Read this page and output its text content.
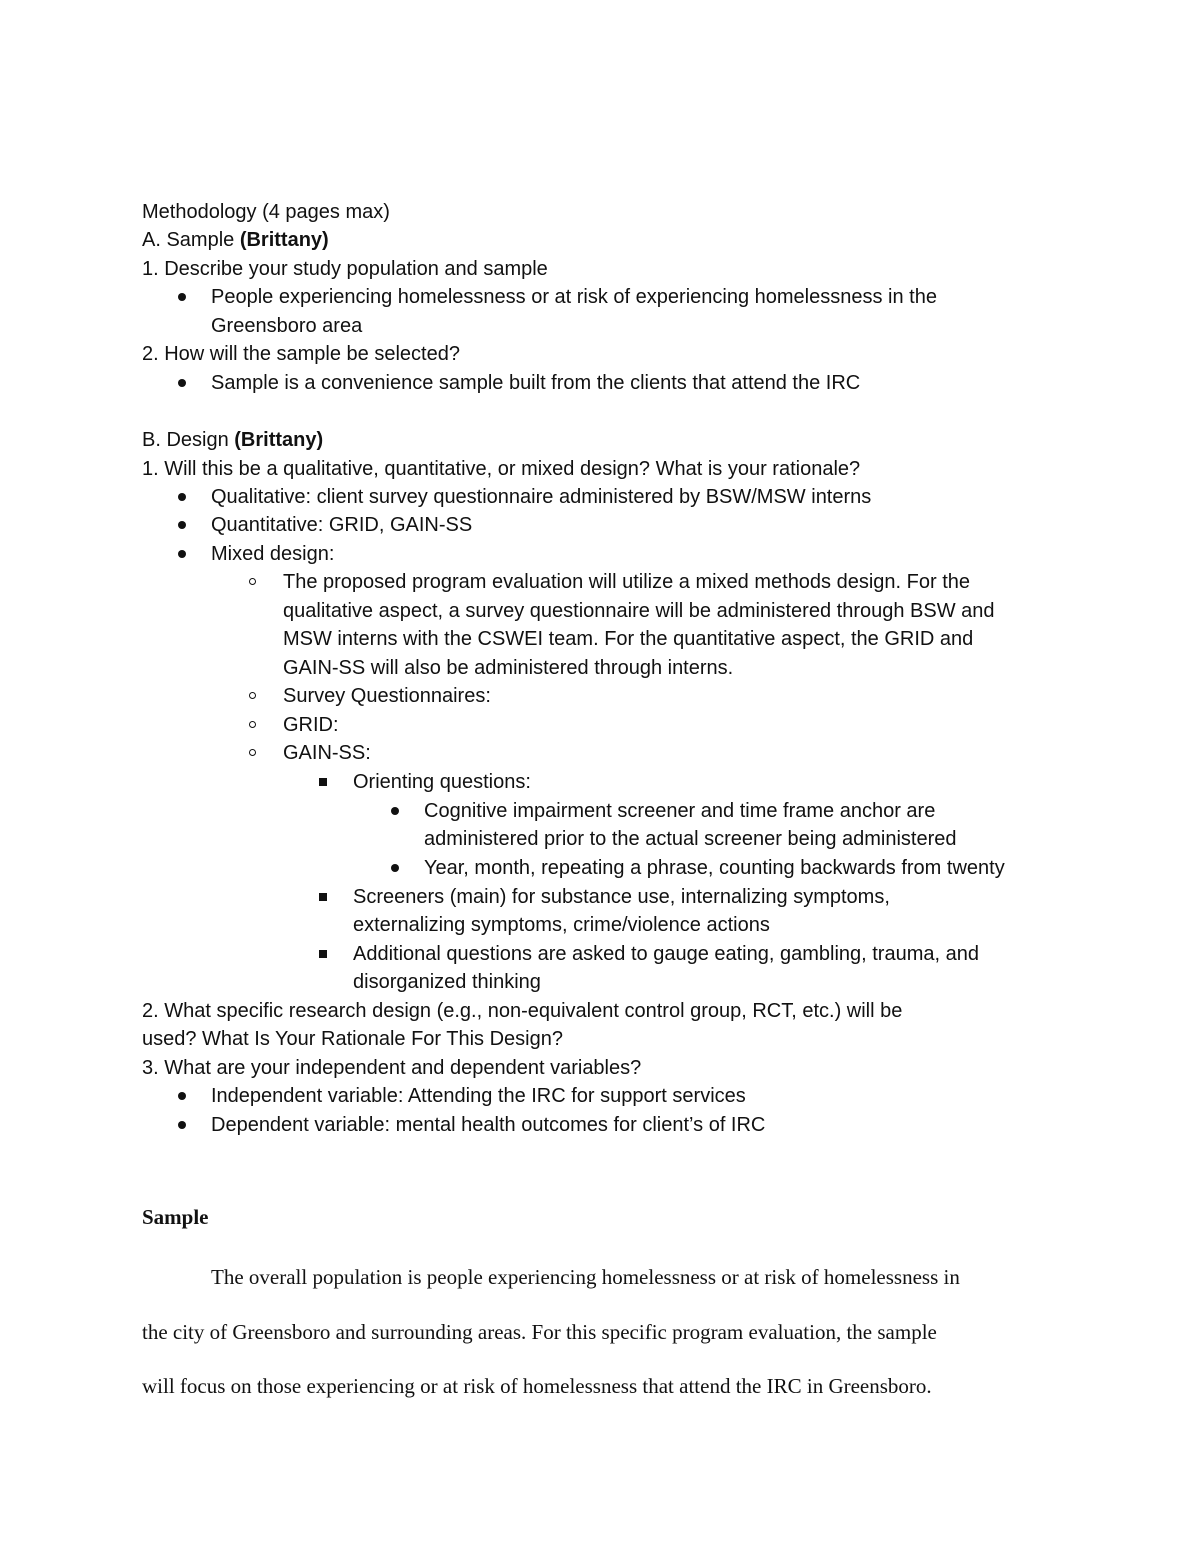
Methodology (4 pages max)
A. Sample (Brittany)
1. Describe your study population and sample
People experiencing homelessness or at risk of experiencing homelessness in the
Greensboro area
2. How will the sample be selected?
Sample is a convenience sample built from the clients that attend the IRC
B. Design (Brittany)
1. Will this be a qualitative, quantitative, or mixed design? What is your rationale?
Qualitative: client survey questionnaire administered by BSW/MSW interns
Quantitative: GRID, GAIN-SS
Mixed design:
The proposed program evaluation will utilize a mixed methods design. For the
qualitative aspect, a survey questionnaire will be administered through BSW and
MSW interns with the CSWEI team. For the quantitative aspect, the GRID and
GAIN-SS will also be administered through interns.
Survey Questionnaires:
GRID:
GAIN-SS:
Orienting questions:
Cognitive impairment screener and time frame anchor are
administered prior to the actual screener being administered
Year, month, repeating a phrase, counting backwards from twenty
Screeners (main) for substance use, internalizing symptoms,
externalizing symptoms, crime/violence actions
Additional questions are asked to gauge eating, gambling, trauma, and
disorganized thinking
2. What specific research design (e.g., non-equivalent control group, RCT, etc.) will be
used? What Is Your Rationale For This Design?
3. What are your independent and dependent variables?
Independent variable: Attending the IRC for support services
Dependent variable: mental health outcomes for client’s of IRC
Sample
The overall population is people experiencing homelessness or at risk of homelessness in
the city of Greensboro and surrounding areas. For this specific program evaluation, the sample
will focus on those experiencing or at risk of homelessness that attend the IRC in Greensboro.
